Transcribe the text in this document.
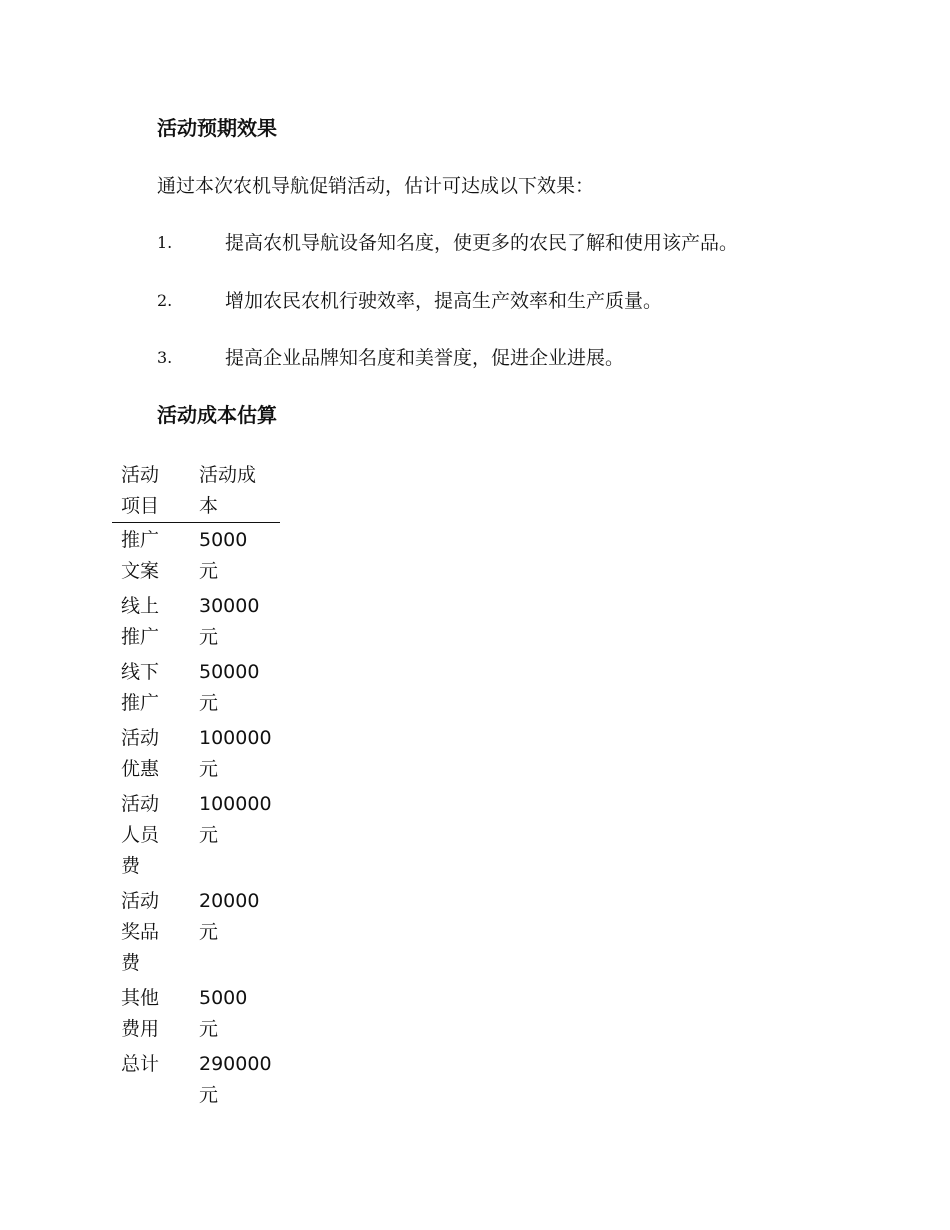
活动预期效果

通过本次农机导航促销活动，估计可达成以下效果：

1.	提高农机导航设备知名度，使更多的农民了解和使用该产品。
2.	增加农民农机行驶效率，提高生产效率和生产质量。
3.	提高企业品牌知名度和美誉度，促进企业进展。
活动成本估算
活动项目	活动成本
推广文案	5000 元
线上推广	30000 元
线下推广	50000 元
活动优惠	100000 元
活动人员费	100000 元
活动奖品费	20000 元
其他费用	5000 元
总计	290000 元
